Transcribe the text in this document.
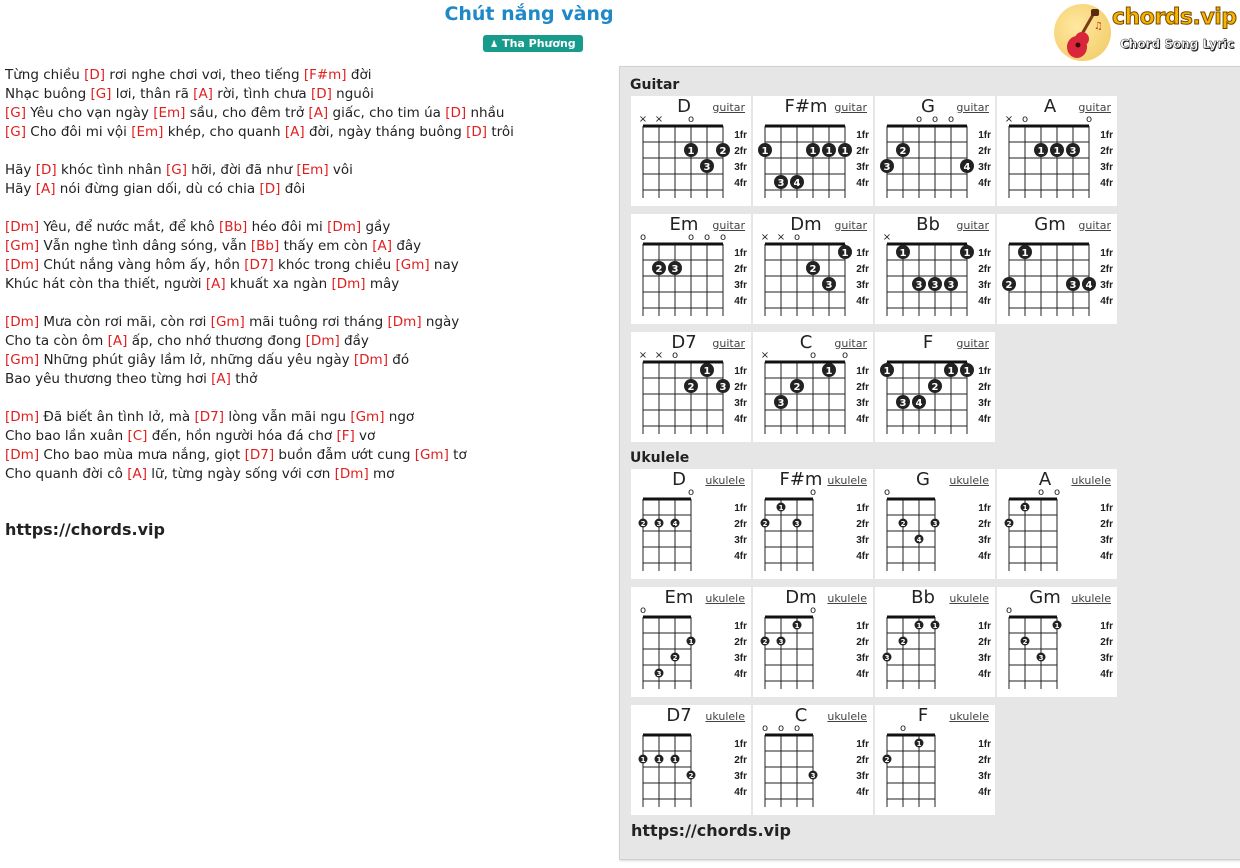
Chút nắng vàng
♟ Tha Phương
♫ chords.vip
Chord Song Lyric
Từng chiều [D] rơi nghe chơi vơi, theo tiếng [F#m] đời
Nhạc buông [G] lơi, thân rã [A] rời, tình chưa [D] nguôi
[G] Yêu cho vạn ngày [Em] sầu, cho đêm trở [A] giấc, cho tim úa [D] nhầu
[G] Cho đôi mi vội [Em] khép, cho quanh [A] đời, ngày tháng buông [D] trôi
Hãy [D] khóc tình nhân [G] hỡi, đời đã như [Em] vôi
Hãy [A] nói đừng gian dối, dù có chia [D] đôi
[Dm] Yêu, để nước mắt, để khô [Bb] héo đôi mi [Dm] gầy
[Gm] Vẫn nghe tình dâng sóng, vẫn [Bb] thấy em còn [A] đây
[Dm] Chút nắng vàng hôm ấy, hồn [D7] khóc trong chiều [Gm] nay
Khúc hát còn tha thiết, người [A] khuất xa ngàn [Dm] mây
[Dm] Mưa còn rơi mãi, còn rơi [Gm] mãi tuông rơi tháng [Dm] ngày
Cho ta còn ôm [A] ấp, cho nhớ thương đong [Dm] đầy
[Gm] Những phút giây lầm lở, những dấu yêu ngày [Dm] đó
Bao yêu thương theo từng hơi [A] thở
[Dm] Đã biết ân tình lở, mà [D7] lòng vẫn mãi ngu [Gm] ngơ
Cho bao lần xuân [C] đến, hồn người hóa đá chơ [F] vơ
[Dm] Cho bao mùa mưa nắng, giọt [D7] buồn đẫm ướt cung [Gm] tơ
Cho quanh đời cô [A] lữ, từng ngày sống với cơn [Dm] mơ
https://chords.vip
Guitar
Ukulele
https://chords.vip
1fr
2fr
3fr
4fr
o
× ×
1	2
3
D	guitar
1fr
2fr
3fr
4fr
1	1 1 1
3 4
F#m guitar
1fr
2fr
3fr
4fr
o o o
2
3	4
G	guitar
1fr
2fr
3fr
4fr
o	o
×
1 1 3
A	guitar
1fr
2fr
3fr
4fr
o	o o o
2 3
Em	guitar
1fr
2fr
3fr
4fr
o
× ×
1
2
3
Dm	guitar
1fr
2fr
3fr
4fr
×
1	1
3 3 3
Bb	guitar
1fr
2fr
3fr
4fr
1
2	3 4
Gm	guitar
1fr
2fr
3fr
4fr
o
× ×
1
2	3
D7	guitar
1fr
2fr
3fr
4fr
o	o
×
1
2
3
C	guitar
1fr
2fr
3fr
4fr
1	1 1
2
3 4
F	guitar
1fr
2fr
3fr
4fr
o
2 3 4
D	ukulele
1fr
2fr
3fr
4fr
o
1
2	3
F#m ukulele
1fr
2fr
3fr
4fr
o
2	3
4
G	ukulele
1fr
2fr
3fr
4fr
o o
1
2
A	ukulele
1fr
2fr
3fr
4fr
o
1
2
3
Em	ukulele
1fr
2fr
3fr
4fr
o
1
2 3
Dm ukulele
1fr
2fr
3fr
4fr
1 1
2
3
Bb	ukulele
1fr
2fr
3fr
4fr
o
1
2
3
Gm ukulele
1fr
2fr
3fr
4fr
1 1 1
2
D7	ukulele
1fr
2fr
3fr
4fr
o o o
3
C	ukulele
1fr
2fr
3fr
4fr
o
1
2
F	ukulele
